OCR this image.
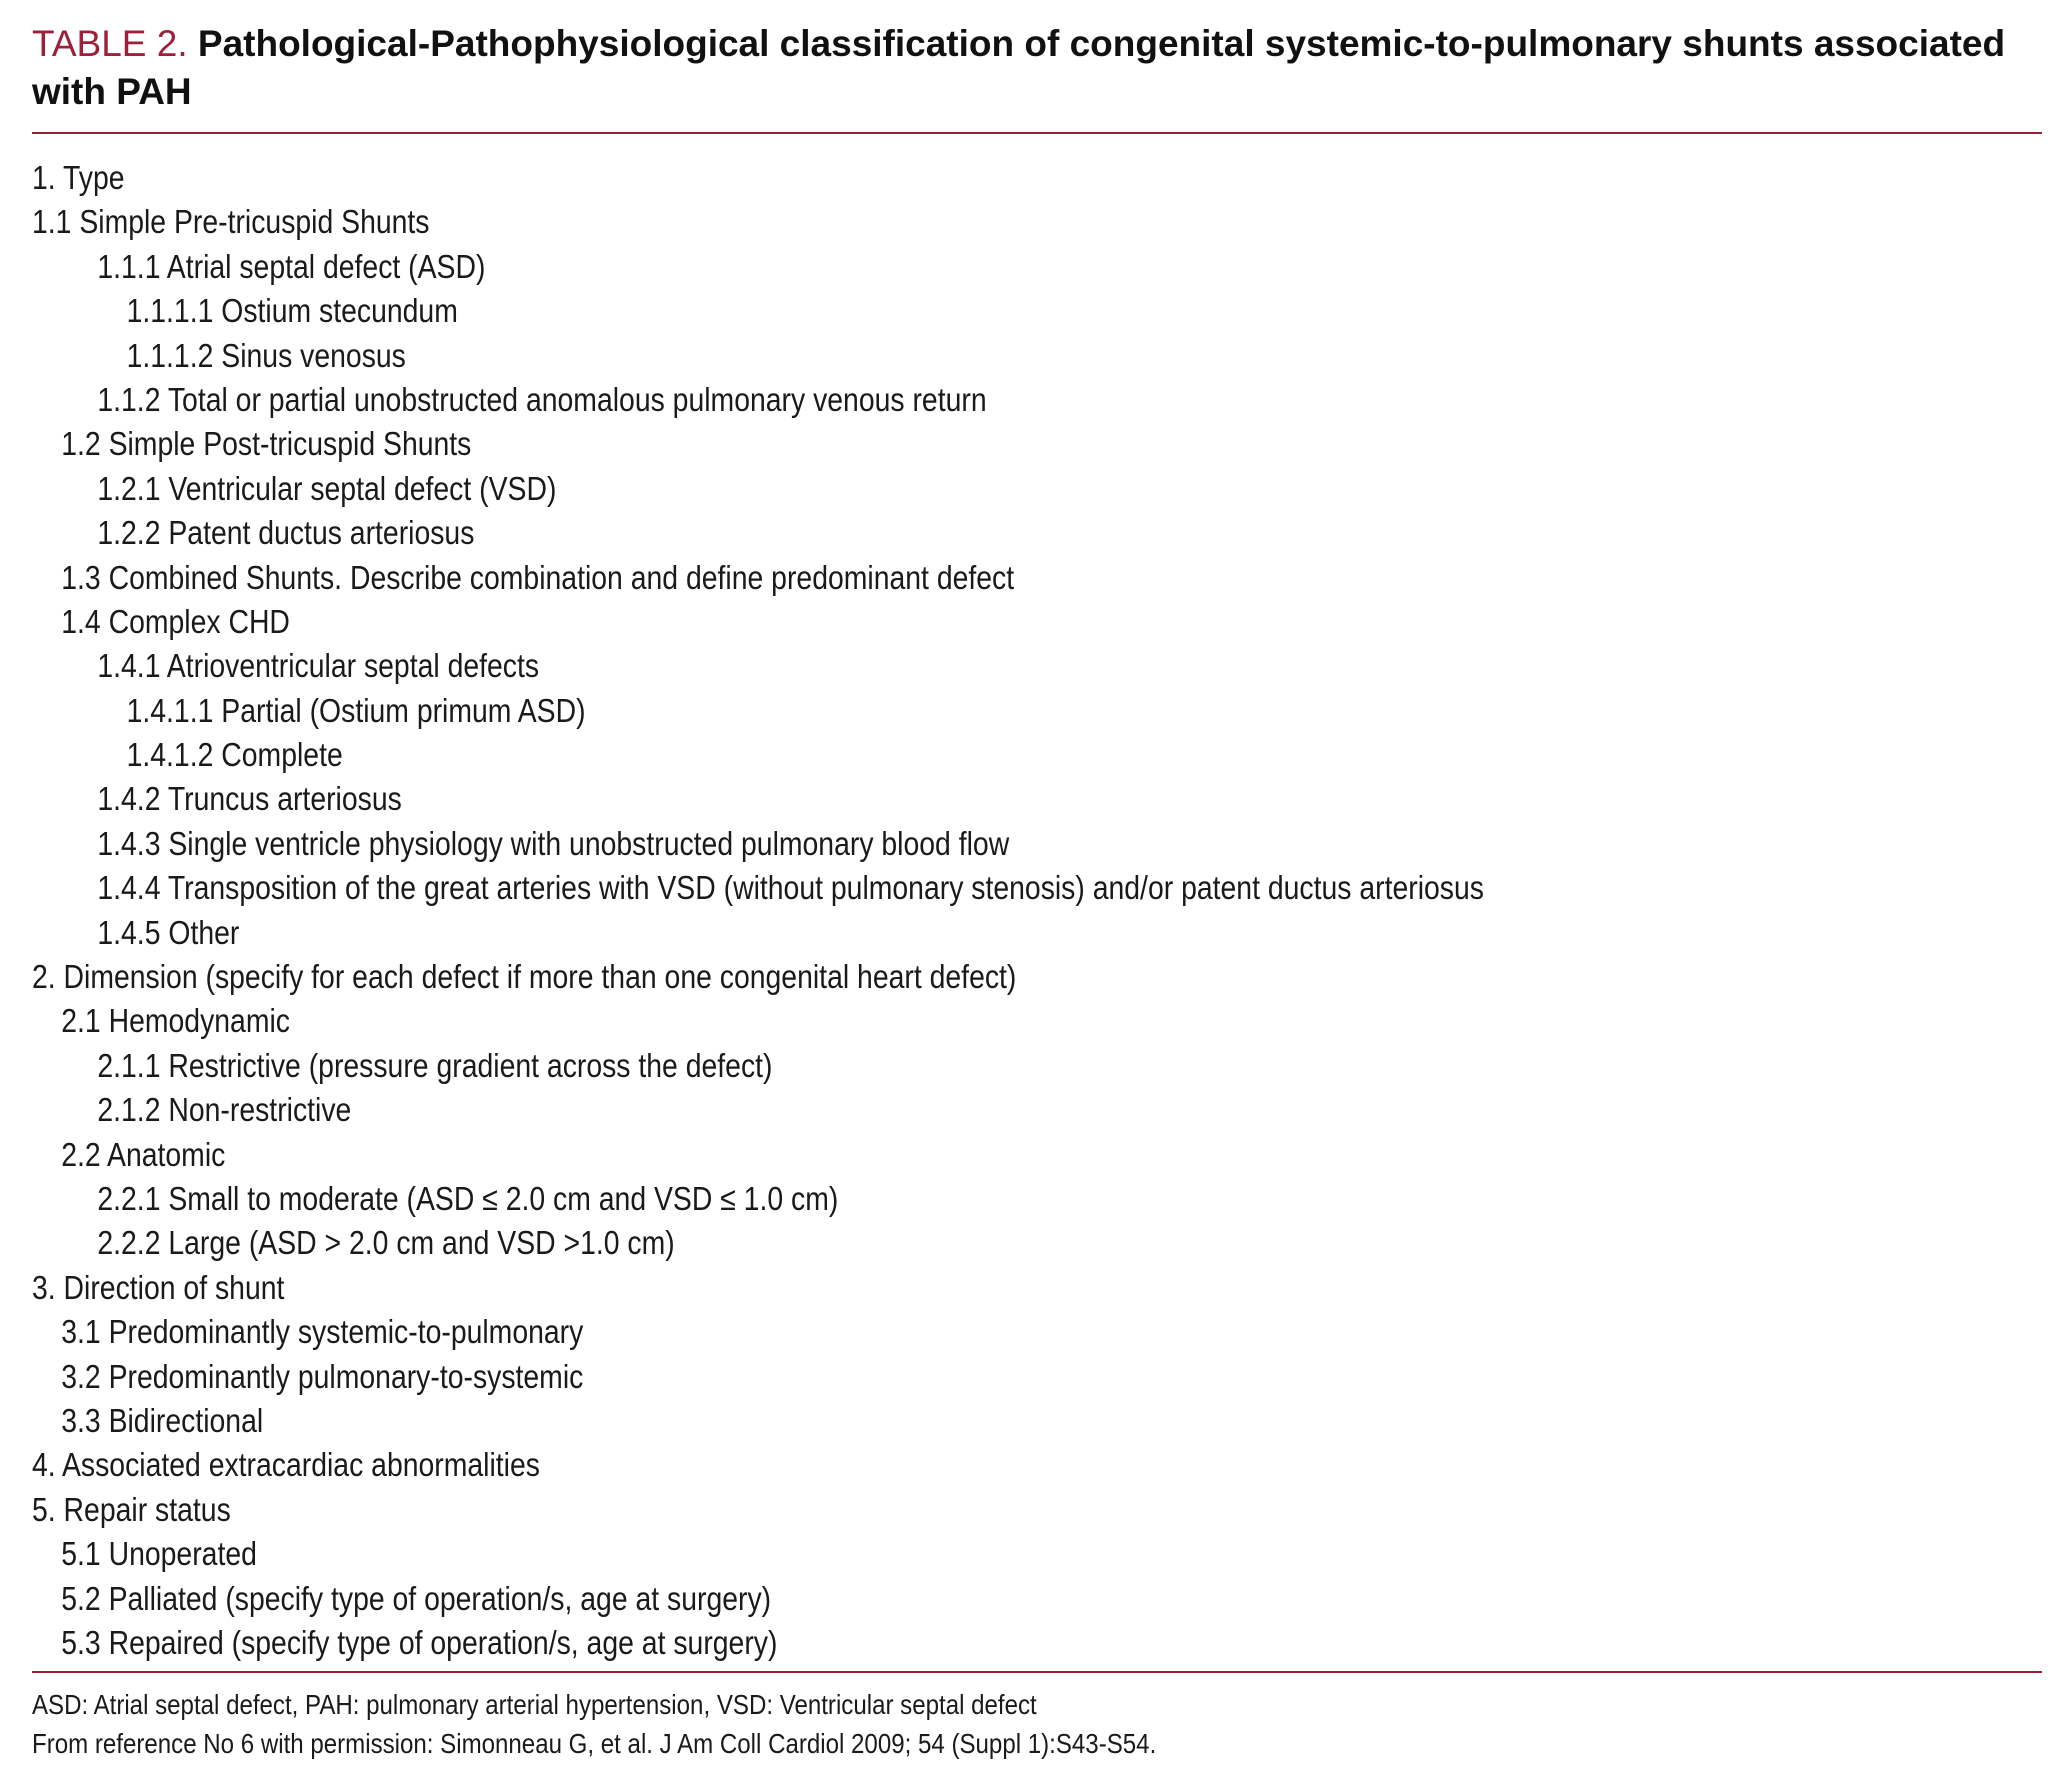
TABLE 2. Pathological-Pathophysiological classification of congenital systemic-to-pulmonary shunts associated with PAH
1. Type
1.1 Simple Pre-tricuspid Shunts
1.1.1 Atrial septal defect (ASD)
1.1.1.1 Ostium stecundum
1.1.1.2 Sinus venosus
1.1.2 Total or partial unobstructed anomalous pulmonary venous return
1.2 Simple Post-tricuspid Shunts
1.2.1 Ventricular septal defect (VSD)
1.2.2 Patent ductus arteriosus
1.3 Combined Shunts. Describe combination and define predominant defect
1.4 Complex CHD
1.4.1 Atrioventricular septal defects
1.4.1.1 Partial (Ostium primum ASD)
1.4.1.2 Complete
1.4.2 Truncus arteriosus
1.4.3 Single ventricle physiology with unobstructed pulmonary blood flow
1.4.4 Transposition of the great arteries with VSD (without pulmonary stenosis) and/or patent ductus arteriosus
1.4.5 Other
2. Dimension (specify for each defect if more than one congenital heart defect)
2.1 Hemodynamic
2.1.1 Restrictive (pressure gradient across the defect)
2.1.2 Non-restrictive
2.2 Anatomic
2.2.1 Small to moderate (ASD ≤ 2.0 cm and VSD ≤ 1.0 cm)
2.2.2 Large (ASD > 2.0 cm and VSD >1.0 cm)
3. Direction of shunt
3.1 Predominantly systemic-to-pulmonary
3.2 Predominantly pulmonary-to-systemic
3.3 Bidirectional
4. Associated extracardiac abnormalities
5. Repair status
5.1 Unoperated
5.2 Palliated (specify type of operation/s, age at surgery)
5.3 Repaired (specify type of operation/s, age at surgery)
ASD: Atrial septal defect, PAH: pulmonary arterial hypertension, VSD: Ventricular septal defect
From reference No 6 with permission: Simonneau G, et al. J Am Coll Cardiol 2009; 54 (Suppl 1):S43-S54.
